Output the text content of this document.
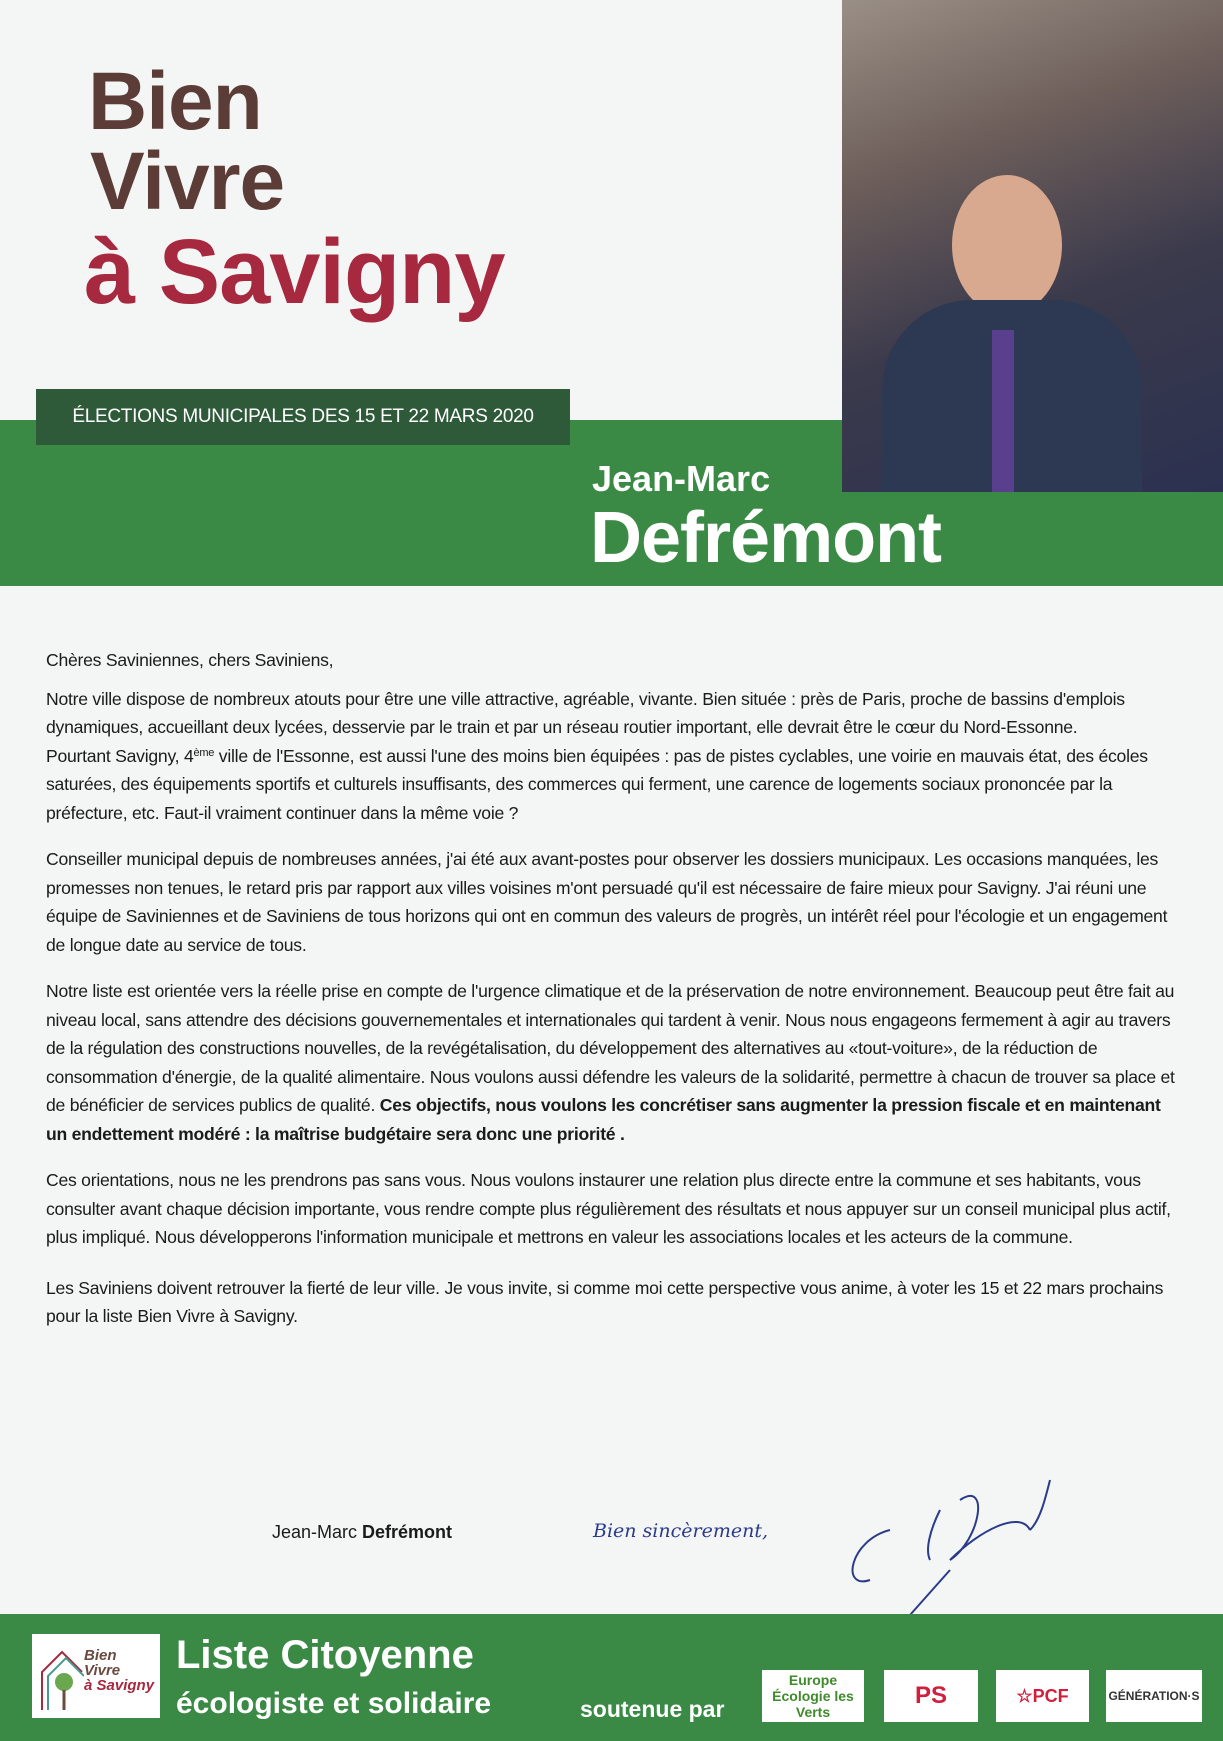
Bien
Vivre
à Savigny
ÉLECTIONS MUNICIPALES DES 15 ET 22 MARS 2020
Jean-Marc
Defrémont

Chères Saviniennes, chers Saviniens,

Notre ville dispose de nombreux atouts pour être une ville attractive, agréable, vivante. Bien située : près de Paris, proche de bassins d'emplois dynamiques, accueillant deux lycées, desservie par le train et par un réseau routier important, elle devrait être le cœur du Nord-Essonne.

Pourtant Savigny, 4ème ville de l'Essonne, est aussi l'une des moins bien équipées : pas de pistes cyclables, une voirie en mauvais état, des écoles saturées, des équipements sportifs et culturels insuffisants, des commerces qui ferment, une carence de logements sociaux prononcée par la préfecture, etc. Faut-il vraiment continuer dans la même voie ?

Conseiller municipal depuis de nombreuses années, j'ai été aux avant-postes pour observer les dossiers municipaux. Les occasions manquées, les promesses non tenues, le retard pris par rapport aux villes voisines m'ont persuadé qu'il est nécessaire de faire mieux pour Savigny. J'ai réuni une équipe de Saviniennes et de Saviniens de tous horizons qui ont en commun des valeurs de progrès, un intérêt réel pour l'écologie et un engagement de longue date au service de tous.

Notre liste est orientée vers la réelle prise en compte de l'urgence climatique et de la préservation de notre environnement. Beaucoup peut être fait au niveau local, sans attendre des décisions gouvernementales et internationales qui tardent à venir. Nous nous engageons fermement à agir au travers de la régulation des constructions nouvelles, de la revégétalisation, du développement des alternatives au «tout-voiture», de la réduction de consommation d'énergie, de la qualité alimentaire. Nous voulons aussi défendre les valeurs de la solidarité, permettre à chacun de trouver sa place et de bénéficier de services publics de qualité. Ces objectifs, nous voulons les concrétiser sans augmenter la pression fiscale et en maintenant un endettement modéré : la maîtrise budgétaire sera donc une priorité .

Ces orientations, nous ne les prendrons pas sans vous. Nous voulons instaurer une relation plus directe entre la commune et ses habitants, vous consulter avant chaque décision importante, vous rendre compte plus régulièrement des résultats et nous appuyer sur un conseil municipal plus actif, plus impliqué. Nous développerons l'information municipale et mettrons en valeur les associations locales et les acteurs de la commune.

Les Saviniens doivent retrouver la fierté de leur ville. Je vous invite, si comme moi cette perspective vous anime, à voter les 15 et 22 mars prochains pour la liste Bien Vivre à Savigny.

Jean-Marc Defrémont	Bien sincèrement,
Bien
Vivre
à Savigny
Liste Citoyenne
écologiste et solidaire	soutenue par
Europe Écologie les Verts
PS	☆ PCF	GÉNÉRATION·S
